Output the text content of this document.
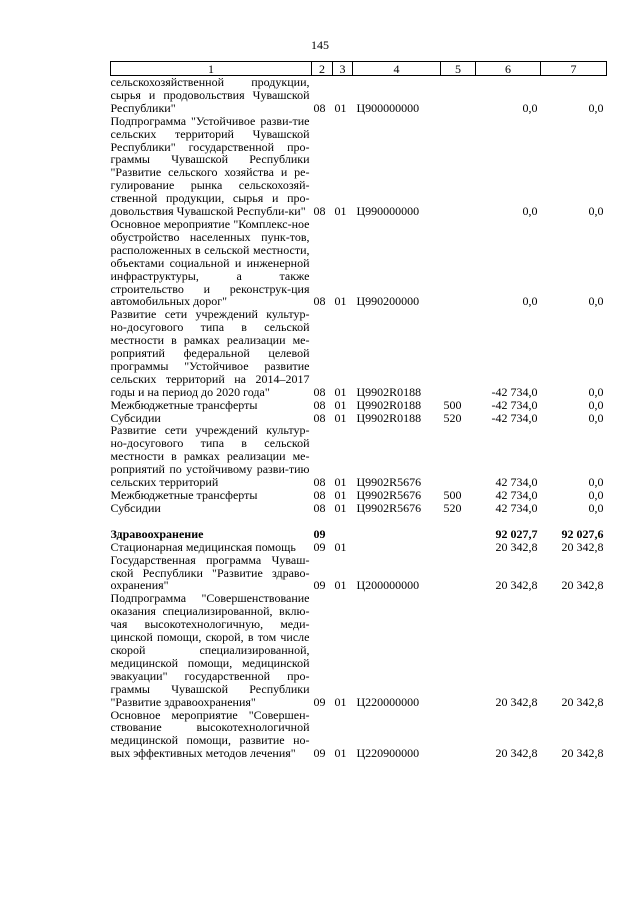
145
1	2	3	4	5	6	7
сельскохозяйственной продукции, сырья и продовольствия Чувашской Республики"	08	01	Ц900000000		0,0	0,0
Подпрограмма "Устойчивое разви-тие сельских территорий Чувашской Республики" государственной про-граммы Чувашской Республики "Развитие сельского хозяйства и ре-гулирование рынка сельскохозяй-ственной продукции, сырья и про-довольствия Чувашской Республи-ки"	08	01	Ц990000000		0,0	0,0
Основное мероприятие "Комплекс-ное обустройство населенных пунк-тов, расположенных в сельской местности, объектами социальной и инженерной инфраструктуры, а также строительство и реконструк-ция автомобильных дорог"	08	01	Ц990200000		0,0	0,0
Развитие сети учреждений культур-но-досугового типа в сельской местности в рамках реализации ме-роприятий федеральной целевой программы "Устойчивое развитие сельских территорий на 2014–2017 годы и на период до 2020 года"	08	01	Ц9902R0188		-42 734,0	0,0
Межбюджетные трансферты	08	01	Ц9902R0188	500	-42 734,0	0,0
Субсидии	08	01	Ц9902R0188	520	-42 734,0	0,0
Развитие сети учреждений культур-но-досугового типа в сельской местности в рамках реализации ме-роприятий по устойчивому разви-тию сельских территорий	08	01	Ц9902R5676		42 734,0	0,0
Межбюджетные трансферты	08	01	Ц9902R5676	500	42 734,0	0,0
Субсидии	08	01	Ц9902R5676	520	42 734,0	0,0

Здравоохранение	09				92 027,7	92 027,6
Стационарная медицинская помощь	09	01			20 342,8	20 342,8
Государственная программа Чуваш-ской Республики "Развитие здраво-охранения"	09	01	Ц200000000		20 342,8	20 342,8
Подпрограмма "Совершенствование оказания специализированной, вклю-чая высокотехнологичную, меди-цинской помощи, скорой, в том числе скорой специализированной, медицинской помощи, медицинской эвакуации" государственной про-граммы Чувашской Республики "Развитие здравоохранения"	09	01	Ц220000000		20 342,8	20 342,8
Основное мероприятие "Совершен-ствование высокотехнологичной медицинской помощи, развитие но-вых эффективных методов лечения"	09	01	Ц220900000		20 342,8	20 342,8
